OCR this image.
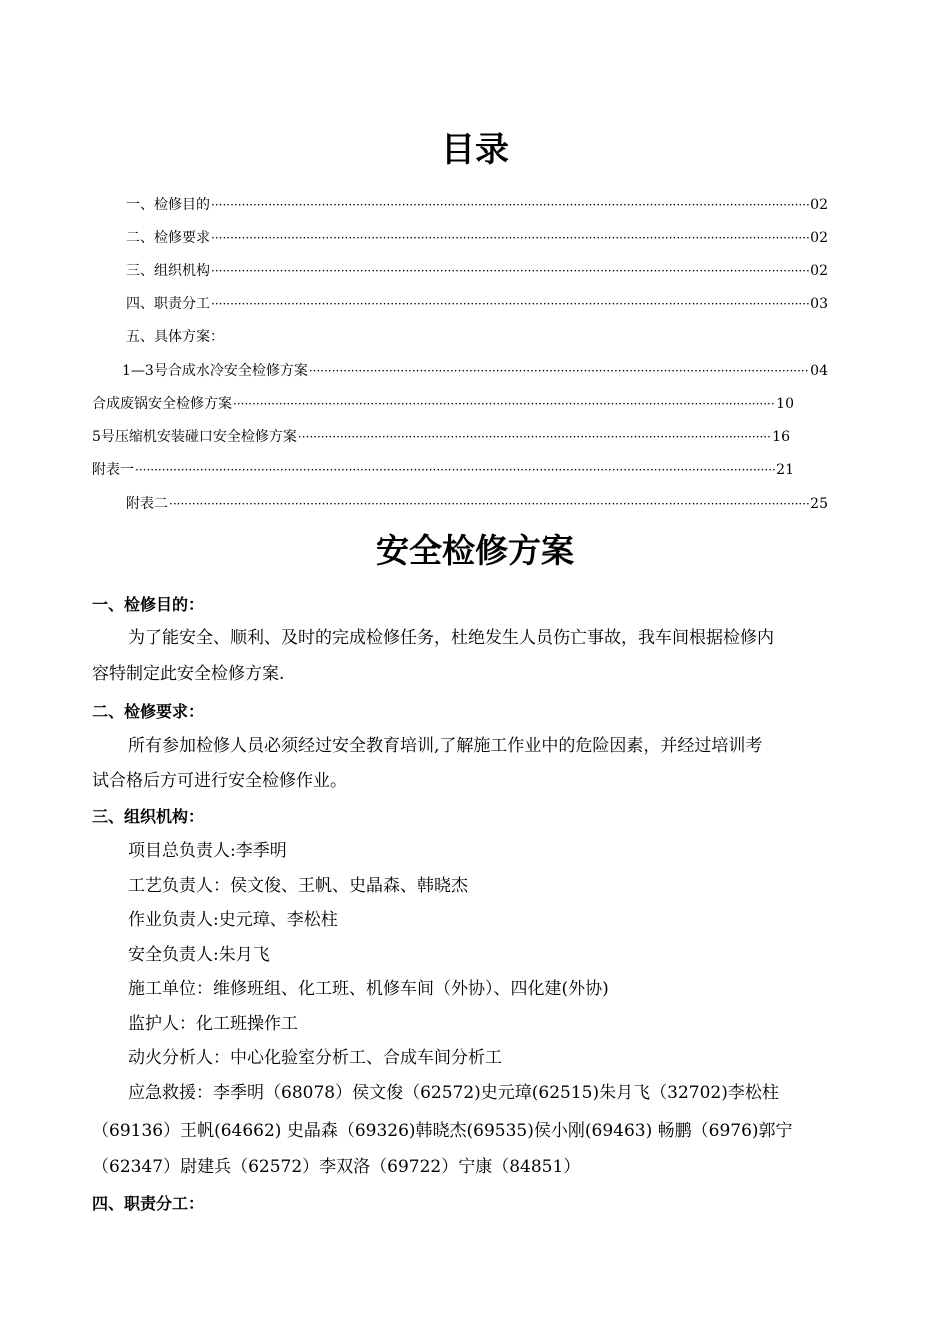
目录
一、检修目的 ·····	02
二、检修要求 ·····	02
三、组织机构 ·····	02
四、职责分工 ·····	03
五、具体方案：
1—3号合成水冷安全检修方案 ·····	04
合成废锅安全检修方案 ·····	10
5号压缩机安装碰口安全检修方案 ·····	16
附表一 ·····	21
附表二 ·····	25
安全检修方案
一、检修目的：
为了能安全、顺利、及时的完成检修任务，杜绝发生人员伤亡事故，我车间根据检修内
容特制定此安全检修方案.
二、检修要求：
所有参加检修人员必须经过安全教育培训,了解施工作业中的危险因素，并经过培训考
试合格后方可进行安全检修作业。
三、组织机构：
项目总负责人:李季明
工艺负责人：侯文俊、王帆、史晶森、韩晓杰
作业负责人:史元璋、李松柱
安全负责人:朱月飞
施工单位：维修班组、化工班、机修车间（外协）、四化建(外协)
监护人：化工班操作工
动火分析人：中心化验室分析工、合成车间分析工
应急救援：李季明（68078）侯文俊（62572)史元璋(62515)朱月飞（32702)李松柱
（69136）王帆(64662) 史晶森（69326)韩晓杰(69535)侯小刚(69463) 畅鹏（6976)郭宁
（62347）尉建兵（62572）李双洛（69722）宁康（84851）
四、职责分工：
